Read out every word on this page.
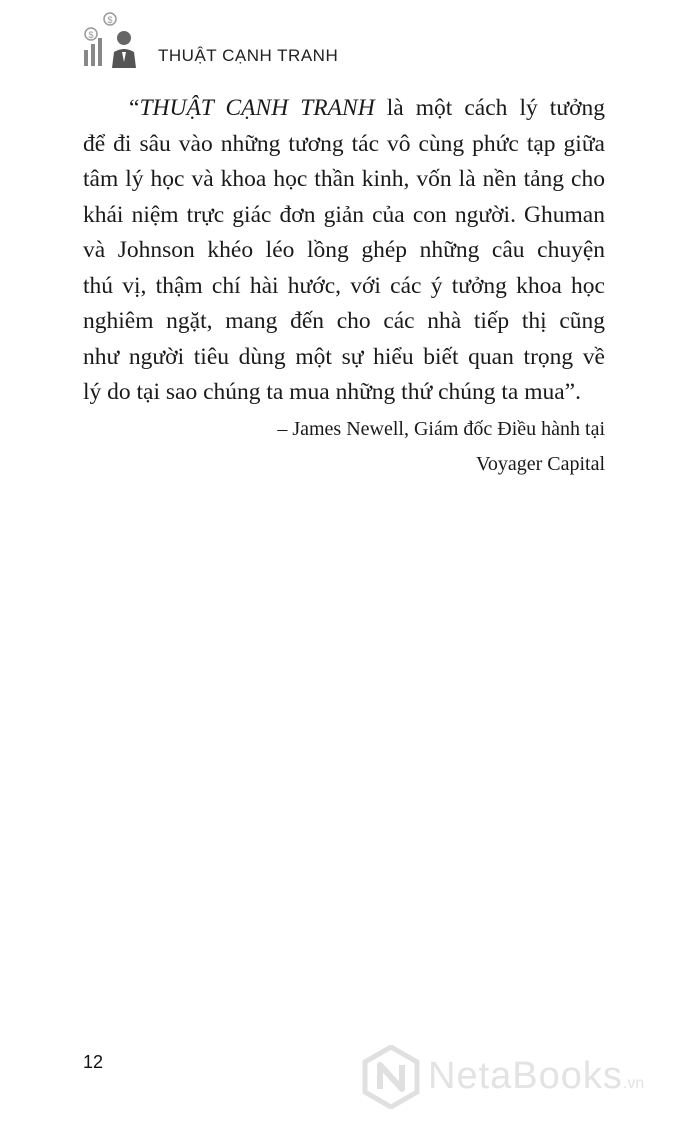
$
$
THUẬT CẠNH TRANH
“THUẬT CẠNH TRANH là một cách lý tưởng
để đi sâu vào những tương tác vô cùng phức tạp giữa
tâm lý học và khoa học thần kinh, vốn là nền tảng cho
khái niệm trực giác đơn giản của con người. Ghuman
và Johnson khéo léo lồng ghép những câu chuyện
thú vị, thậm chí hài hước, với các ý tưởng khoa học
nghiêm ngặt, mang đến cho các nhà tiếp thị cũng
như người tiêu dùng một sự hiểu biết quan trọng về
lý do tại sao chúng ta mua những thứ chúng ta mua”.
– James Newell, Giám đốc Điều hành tại
Voyager Capital
12	NetaBooks.vn
